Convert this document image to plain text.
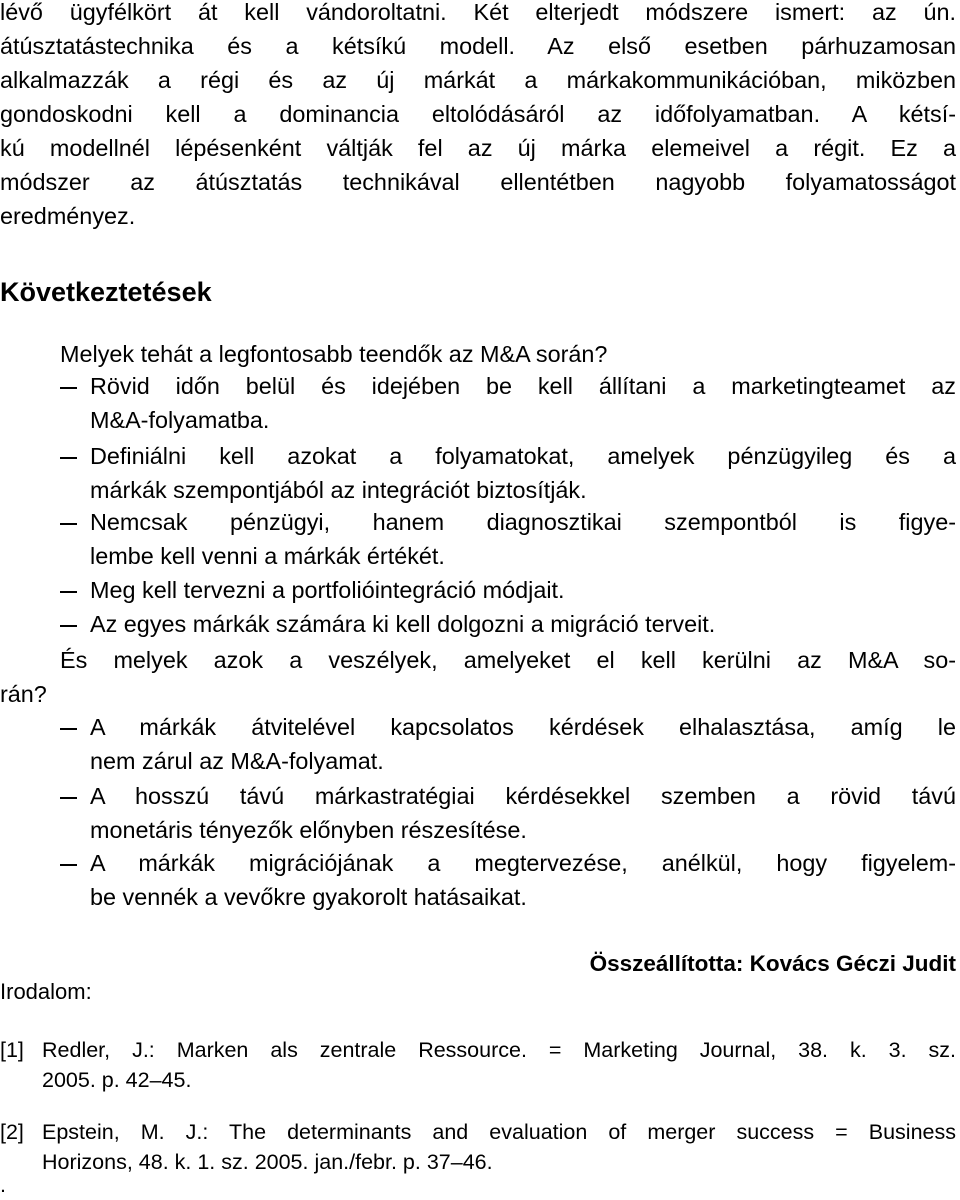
lévő ügyfélkört át kell vándoroltatni. Két elterjedt módszere ismert: az ún.

átúsztatástechnika és a kétsíkú modell. Az első esetben párhuzamosan

alkalmazzák a régi és az új márkát a márkakommunikációban, miközben

gondoskodni kell a dominancia eltolódásáról az időfolyamatban. A kétsí-

kú modellnél lépésenként váltják fel az új márka elemeivel a régit. Ez a

módszer az átúsztatás technikával ellentétben nagyobb folyamatosságot

eredményez.

Következtetések

Melyek tehát a legfontosabb teendők az M&A során?

Rövid időn belül és idejében be kell állítani a marketingteamet az

M&A-folyamatba.

Definiálni kell azokat a folyamatokat, amelyek pénzügyileg és a

márkák szempontjából az integrációt biztosítják.

Nemcsak pénzügyi, hanem diagnosztikai szempontból is figye-

lembe kell venni a márkák értékét.

Meg kell tervezni a portfolióintegráció módjait.

Az egyes márkák számára ki kell dolgozni a migráció terveit.

És melyek azok a veszélyek, amelyeket el kell kerülni az M&A so-

rán?

A márkák átvitelével kapcsolatos kérdések elhalasztása, amíg le

nem zárul az M&A-folyamat.

A hosszú távú márkastratégiai kérdésekkel szemben a rövid távú

monetáris tényezők előnyben részesítése.

A márkák migrációjának a megtervezése, anélkül, hogy figyelem-

be vennék a vevőkre gyakorolt hatásaikat.

Összeállította: Kovács Géczi Judit

Irodalom:

[1] Redler, J.: Marken als zentrale Ressource. = Marketing Journal, 38. k. 3. sz.

2005. p. 42–45.

[2] Epstein, M. J.: The determinants and evaluation of merger success = Business

Horizons, 48. k. 1. sz. 2005. jan./febr. p. 37–46.

.
